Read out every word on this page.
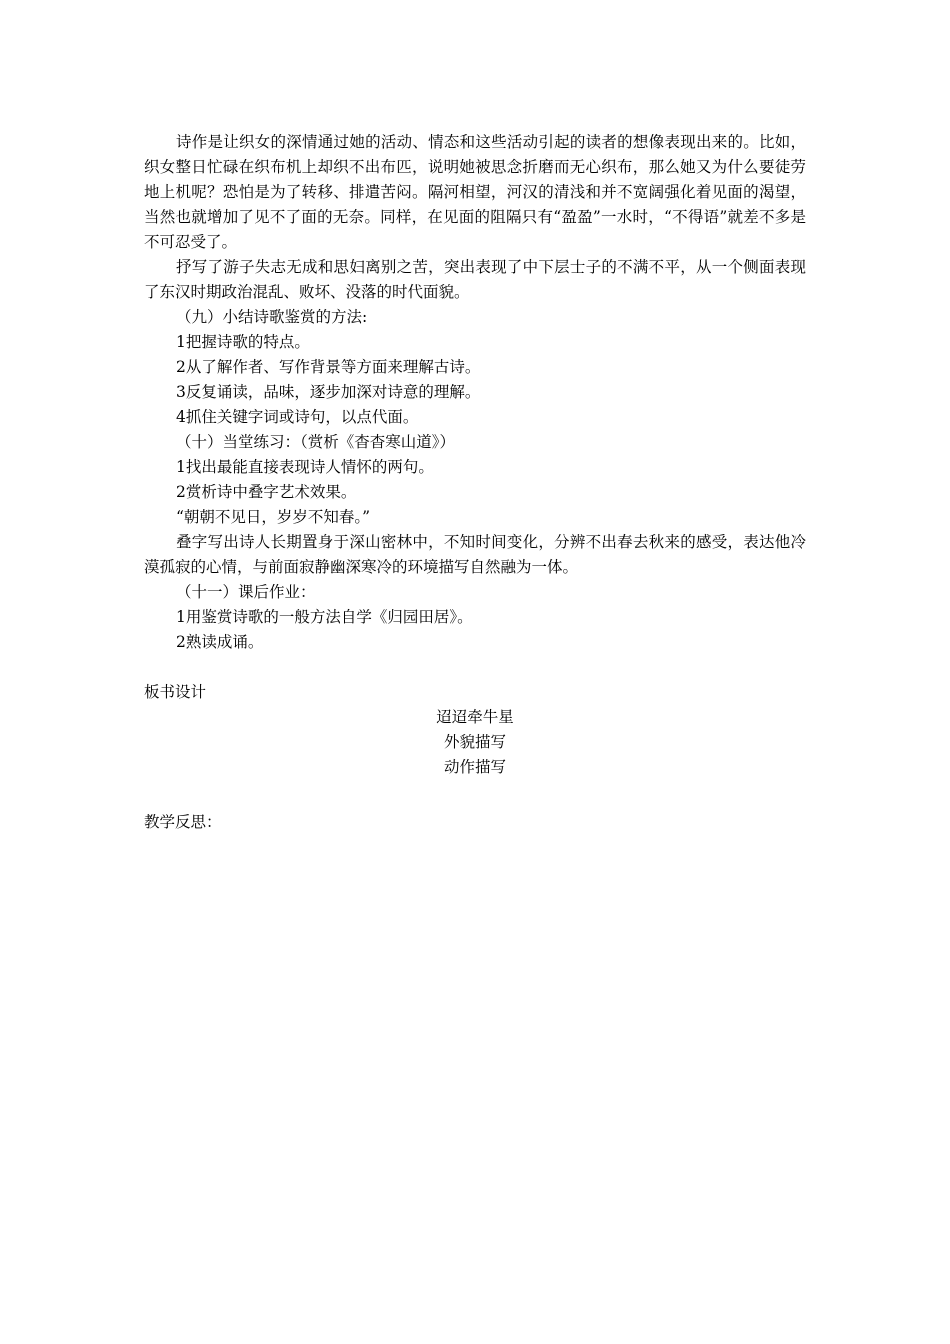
诗作是让织女的深情通过她的活动、情态和这些活动引起的读者的想像表现出来的。比如，织女整日忙碌在织布机上却织不出布匹，说明她被思念折磨而无心织布，那么她又为什么要徒劳地上机呢？恐怕是为了转移、排遣苦闷。隔河相望，河汉的清浅和并不宽阔强化着见面的渴望，当然也就增加了见不了面的无奈。同样，在见面的阻隔只有“盈盈”一水时，“不得语”就差不多是不可忍受了。

抒写了游子失志无成和思妇离别之苦，突出表现了中下层士子的不满不平，从一个侧面表现了东汉时期政治混乱、败坏、没落的时代面貌。

（九）小结诗歌鉴赏的方法:

1把握诗歌的特点。

2从了解作者、写作背景等方面来理解古诗。

3反复诵读，品味，逐步加深对诗意的理解。

4抓住关键字词或诗句，以点代面。

（十）当堂练习：（赏析《杳杳寒山道》）

1找出最能直接表现诗人情怀的两句。

2赏析诗中叠字艺术效果。

“朝朝不见日，岁岁不知春。”

叠字写出诗人长期置身于深山密林中，不知时间变化，分辨不出春去秋来的感受，表达他冷漠孤寂的心情，与前面寂静幽深寒冷的环境描写自然融为一体。

（十一）课后作业：

1用鉴赏诗歌的一般方法自学《归园田居》。

2熟读成诵。

板书设计

迢迢牵牛星

外貌描写

动作描写

教学反思：
